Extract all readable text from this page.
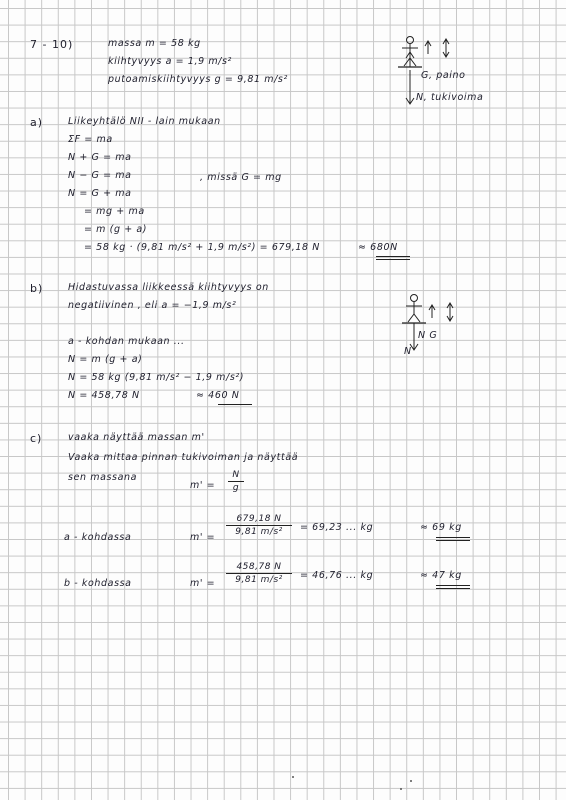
7 - 10)	massa m = 58 kg
kiihtyvyys a = 1,9 m/s²
putoamiskiihtyvyys g = 9,81 m/s²	G, paino
N, tukivoima
a)	Liikeyhtälö NII - lain mukaan
ΣF = ma
N + G = ma
N − G = ma	, missä G = mg
N = G + ma
= mg + ma
= m (g + a)
= 58 kg · (9,81 m/s² + 1,9 m/s²) = 679,18 N	≈ 680N
b)	Hidastuvassa liikkeessä kiihtyvyys on
negatiivinen , eli a = −1,9 m/s²
a - kohdan mukaan ...
N = m (g + a)
N = 58 kg (9,81 m/s² − 1,9 m/s²)
N = 458,78 N	≈ 460 N
N G
N
c)	vaaka näyttää massan m'
Vaaka mittaa pinnan tukivoiman ja näyttää
sen massana
m' =
N
g
a - kohdassa	m' =
679,18 N
9,81 m/s²	= 69,23 ... kg	≈ 69 kg
b - kohdassa	m' =
458,78 N
9,81 m/s²	= 46,76 ... kg	≈ 47 kg
